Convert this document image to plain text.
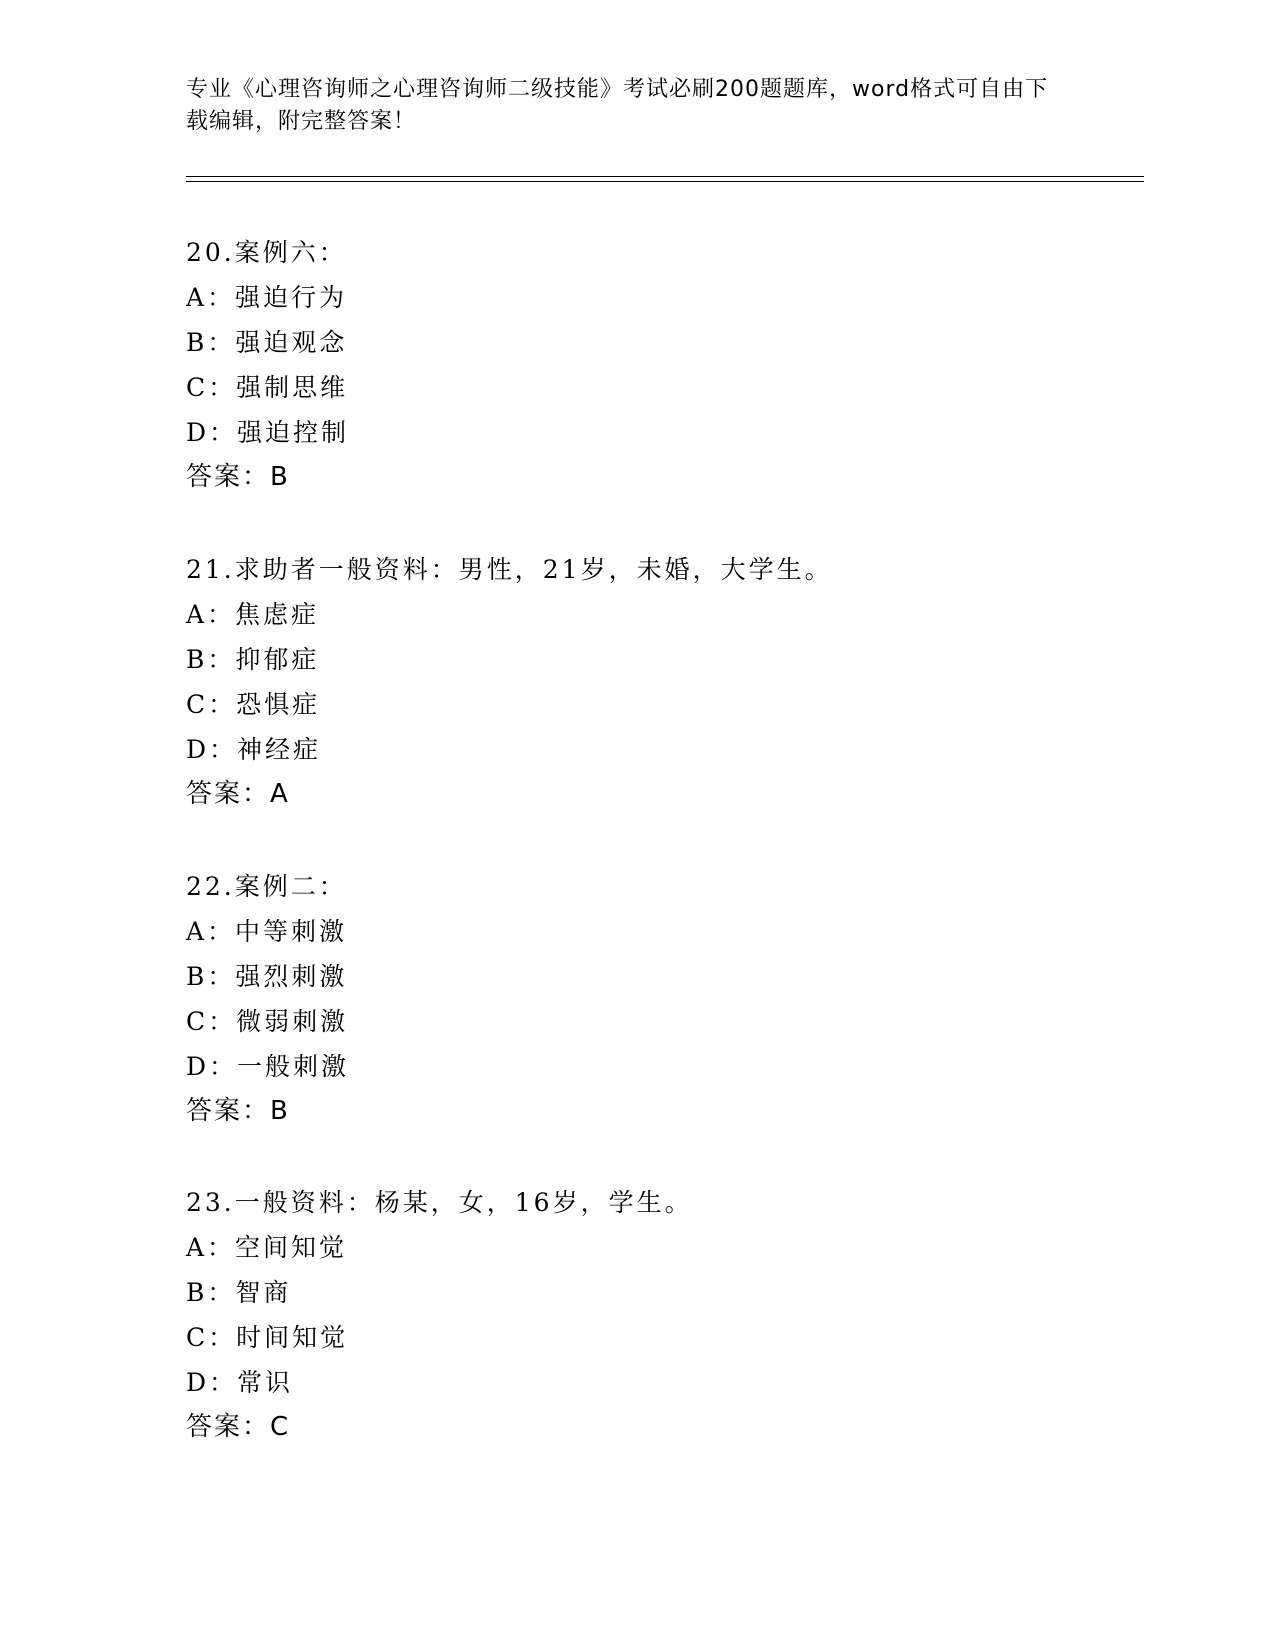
专业《心理咨询师之心理咨询师二级技能》考试必刷200题题库，word格式可自由下载编辑，附完整答案！
20.案例六：
A：强迫行为
B：强迫观念
C：强制思维
D：强迫控制
答案：B
21.求助者一般资料：男性，21岁，未婚，大学生。
A：焦虑症
B：抑郁症
C：恐惧症
D：神经症
答案：A
22.案例二：
A：中等刺激
B：强烈刺激
C：微弱刺激
D：一般刺激
答案：B
23.一般资料：杨某，女，16岁，学生。
A：空间知觉
B：智商
C：时间知觉
D：常识
答案：C
